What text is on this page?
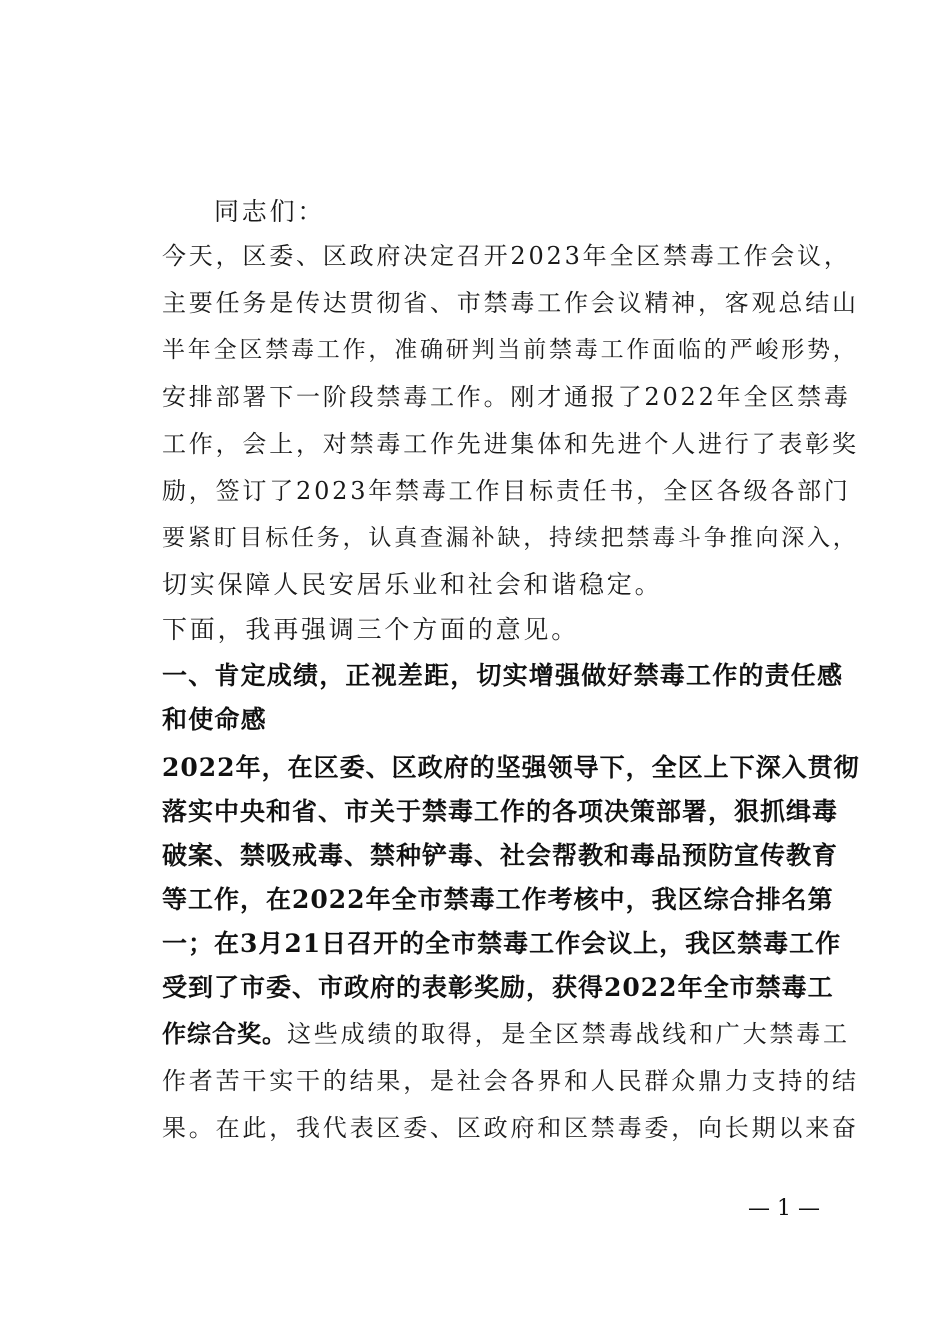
同志们：
今天，区委、区政府决定召开2023年全区禁毒工作会议，
主要任务是传达贯彻省、市禁毒工作会议精神，客观总结山
半年全区禁毒工作，准确研判当前禁毒工作面临的严峻形势，
安排部署下一阶段禁毒工作。刚才通报了2022年全区禁毒
工作，会上，对禁毒工作先进集体和先进个人进行了表彰奖
励，签订了2023年禁毒工作目标责任书，全区各级各部门
要紧盯目标任务，认真查漏补缺，持续把禁毒斗争推向深入，
切实保障人民安居乐业和社会和谐稳定。
下面，我再强调三个方面的意见。
一、肯定成绩，正视差距，切实增强做好禁毒工作的责任感
和使命感
2022年，在区委、区政府的坚强领导下，全区上下深入贯彻
落实中央和省、市关于禁毒工作的各项决策部署，狠抓缉毒
破案、禁吸戒毒、禁种铲毒、社会帮教和毒品预防宣传教育
等工作，在2022年全市禁毒工作考核中，我区综合排名第
一；在3月21日召开的全市禁毒工作会议上，我区禁毒工作
受到了市委、市政府的表彰奖励，获得2022年全市禁毒工
作综合奖。这些成绩的取得，是全区禁毒战线和广大禁毒工
作者苦干实干的结果，是社会各界和人民群众鼎力支持的结
果。在此，我代表区委、区政府和区禁毒委，向长期以来奋
— 1 —
